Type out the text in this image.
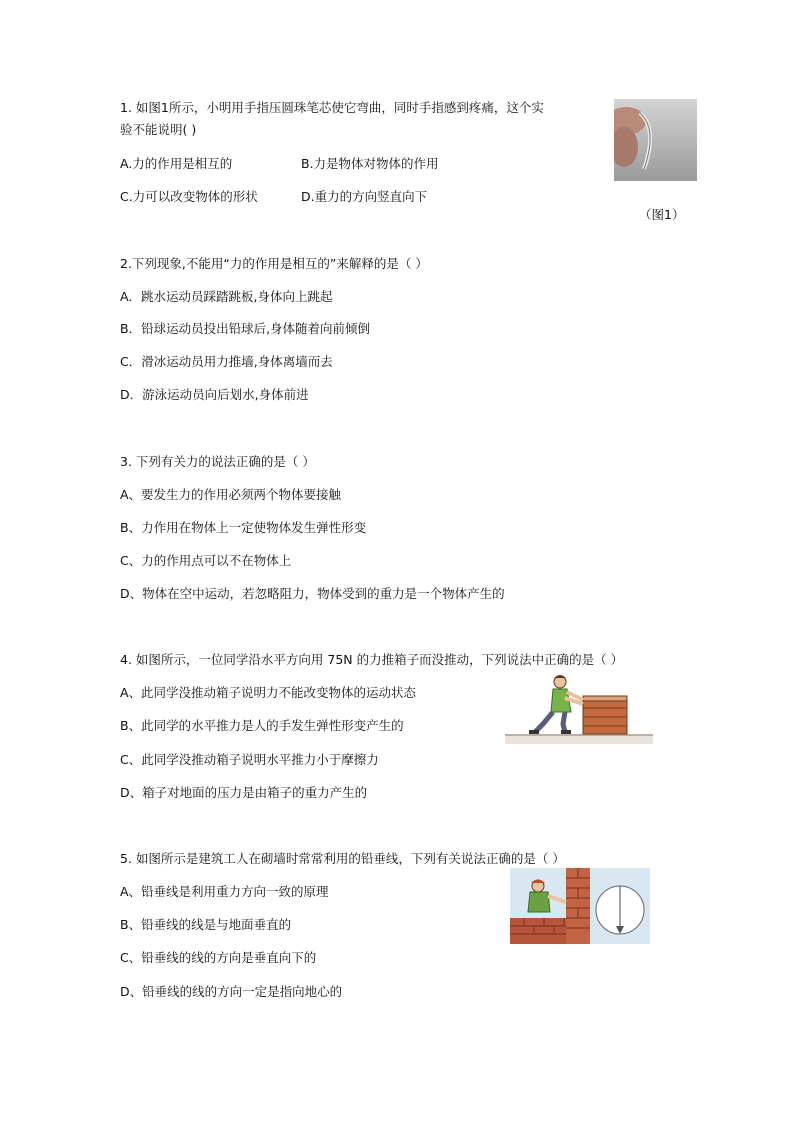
1. 如图1所示，小明用手指压圆珠笔芯使它弯曲，同时手指感到疼痛，这个实
验不能说明( )
A.力的作用是相互的	B.力是物体对物体的作用
C.力可以改变物体的形状	D.重力的方向竖直向下
（图1）
2.下列现象,不能用“力的作用是相互的”来解释的是（ ）
A．跳水运动员踩踏跳板,身体向上跳起
B．铅球运动员投出铅球后,身体随着向前倾倒
C．滑冰运动员用力推墙,身体离墙而去
D．游泳运动员向后划水,身体前进
3. 下列有关力的说法正确的是（ ）
A、要发生力的作用必须两个物体要接触
B、力作用在物体上一定使物体发生弹性形变
C、力的作用点可以不在物体上
D、物体在空中运动，若忽略阻力，物体受到的重力是一个物体产生的
4. 如图所示，一位同学沿水平方向用 75N 的力推箱子而没推动，下列说法中正确的是（ ）
A、此同学没推动箱子说明力不能改变物体的运动状态
B、此同学的水平推力是人的手发生弹性形变产生的
C、此同学没推动箱子说明水平推力小于摩擦力
D、箱子对地面的压力是由箱子的重力产生的
5. 如图所示是建筑工人在砌墙时常常利用的铅垂线，下列有关说法正确的是（ ）
A、铅垂线是利用重力方向一致的原理
B、铅垂线的线是与地面垂直的
C、铅垂线的线的方向是垂直向下的
D、铅垂线的线的方向一定是指向地心的
